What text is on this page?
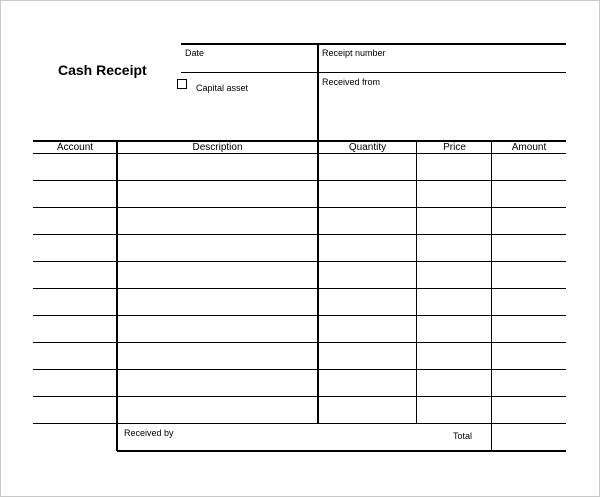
Cash Receipt
Date	Receipt number
Received from
Capital asset
Account	Description	Quantity	Price	Amount
Received by	Total
